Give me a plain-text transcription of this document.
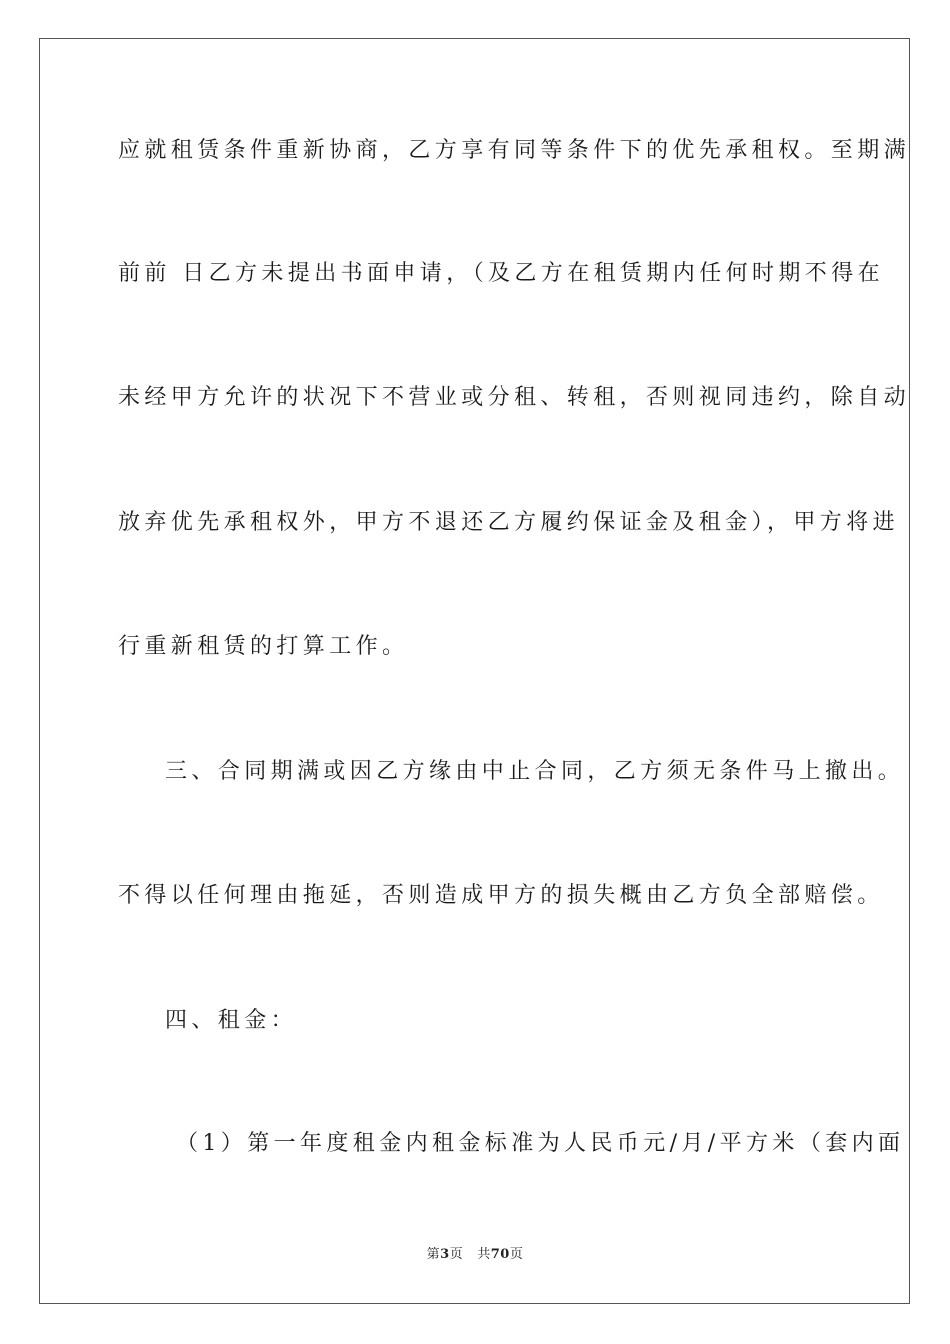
应就租赁条件重新协商，乙方享有同等条件下的优先承租权。至期满
前前 日乙方未提出书面申请，（及乙方在租赁期内任何时期不得在
未经甲方允许的状况下不营业或分租、转租，否则视同违约，除自动
放弃优先承租权外，甲方不退还乙方履约保证金及租金），甲方将进
行重新租赁的打算工作。
三、合同期满或因乙方缘由中止合同，乙方须无条件马上撤出。
不得以任何理由拖延，否则造成甲方的损失概由乙方负全部赔偿。
四、租金：
（1）第一年度租金内租金标准为人民币元/月/平方米（套内面
第3页 共70页
